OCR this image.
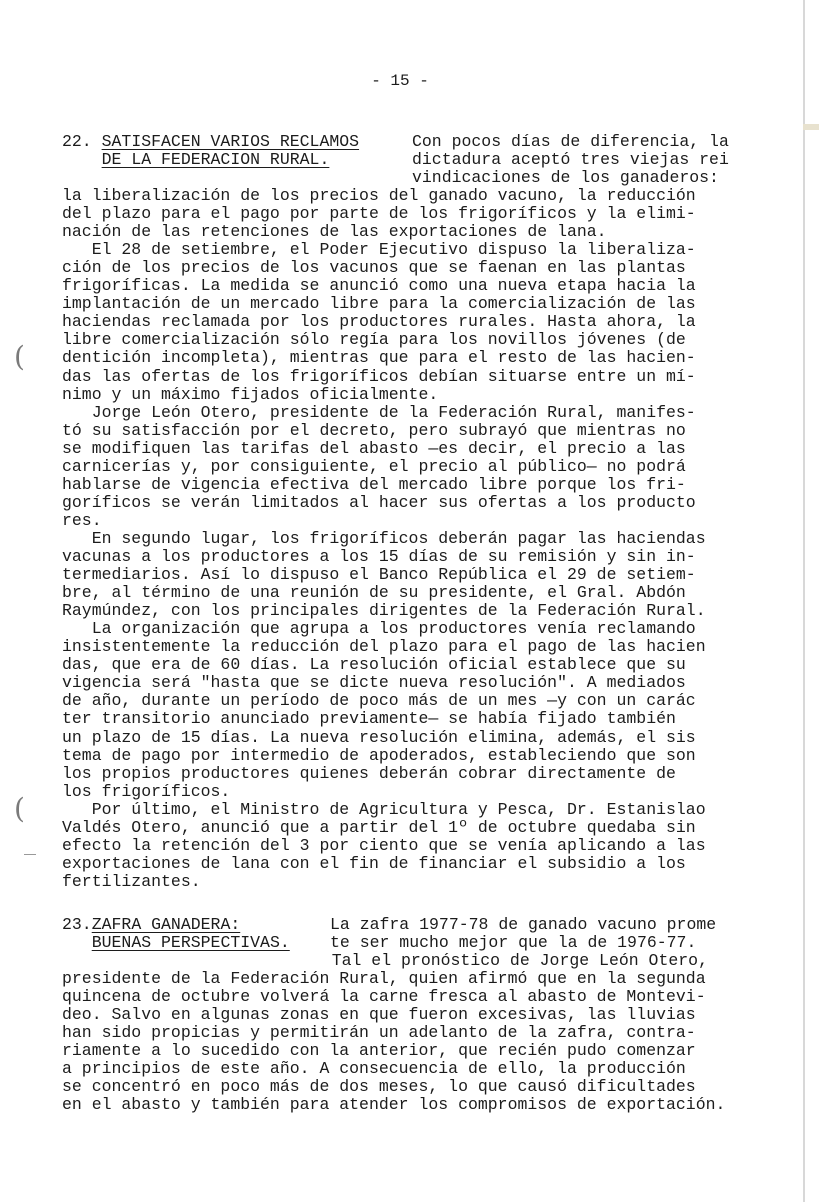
(
(
- 15 -
22. SATISFACEN VARIOS RECLAMOS
DE LA FEDERACION RURAL.
Con pocos días de diferencia, la
dictadura aceptó tres viejas rei
vindicaciones de los ganaderos:
la liberalización de los precios del ganado vacuno, la reducción
del plazo para el pago por parte de los frigoríficos y la elimi-
nación de las retenciones de las exportaciones de lana.
El 28 de setiembre, el Poder Ejecutivo dispuso la liberaliza-
ción de los precios de los vacunos que se faenan en las plantas
frigoríficas. La medida se anunció como una nueva etapa hacia la
implantación de un mercado libre para la comercialización de las
haciendas reclamada por los productores rurales. Hasta ahora, la
libre comercialización sólo regía para los novillos jóvenes (de
dentición incompleta), mientras que para el resto de las hacien-
das las ofertas de los frigoríficos debían situarse entre un mí-
nimo y un máximo fijados oficialmente.
Jorge León Otero, presidente de la Federación Rural, manifes-
tó su satisfacción por el decreto, pero subrayó que mientras no
se modifiquen las tarifas del abasto —es decir, el precio a las
carnicerías y, por consiguiente, el precio al público— no podrá
hablarse de vigencia efectiva del mercado libre porque los fri-
goríficos se verán limitados al hacer sus ofertas a los producto
res.
En segundo lugar, los frigoríficos deberán pagar las haciendas
vacunas a los productores a los 15 días de su remisión y sin in-
termediarios. Así lo dispuso el Banco República el 29 de setiem-
bre, al término de una reunión de su presidente, el Gral. Abdón
Raymúndez, con los principales dirigentes de la Federación Rural.
La organización que agrupa a los productores venía reclamando
insistentemente la reducción del plazo para el pago de las hacien
das, que era de 60 días. La resolución oficial establece que su
vigencia será "hasta que se dicte nueva resolución". A mediados
de año, durante un período de poco más de un mes —y con un carác
ter transitorio anunciado previamente— se había fijado también
un plazo de 15 días. La nueva resolución elimina, además, el sis
tema de pago por intermedio de apoderados, estableciendo que son
los propios productores quienes deberán cobrar directamente de
los frigoríficos.
Por último, el Ministro de Agricultura y Pesca, Dr. Estanislao
Valdés Otero, anunció que a partir del 1º de octubre quedaba sin
efecto la retención del 3 por ciento que se venía aplicando a las
exportaciones de lana con el fin de financiar el subsidio a los
fertilizantes.
23.ZAFRA GANADERA:
BUENAS PERSPECTIVAS.
La zafra 1977-78 de ganado vacuno prome
te ser mucho mejor que la de 1976-77.
Tal el pronóstico de Jorge León Otero,
presidente de la Federación Rural, quien afirmó que en la segunda
quincena de octubre volverá la carne fresca al abasto de Montevi-
deo. Salvo en algunas zonas en que fueron excesivas, las lluvias
han sido propicias y permitirán un adelanto de la zafra, contra-
riamente a lo sucedido con la anterior, que recién pudo comenzar
a principios de este año. A consecuencia de ello, la producción
se concentró en poco más de dos meses, lo que causó dificultades
en el abasto y también para atender los compromisos de exportación.
